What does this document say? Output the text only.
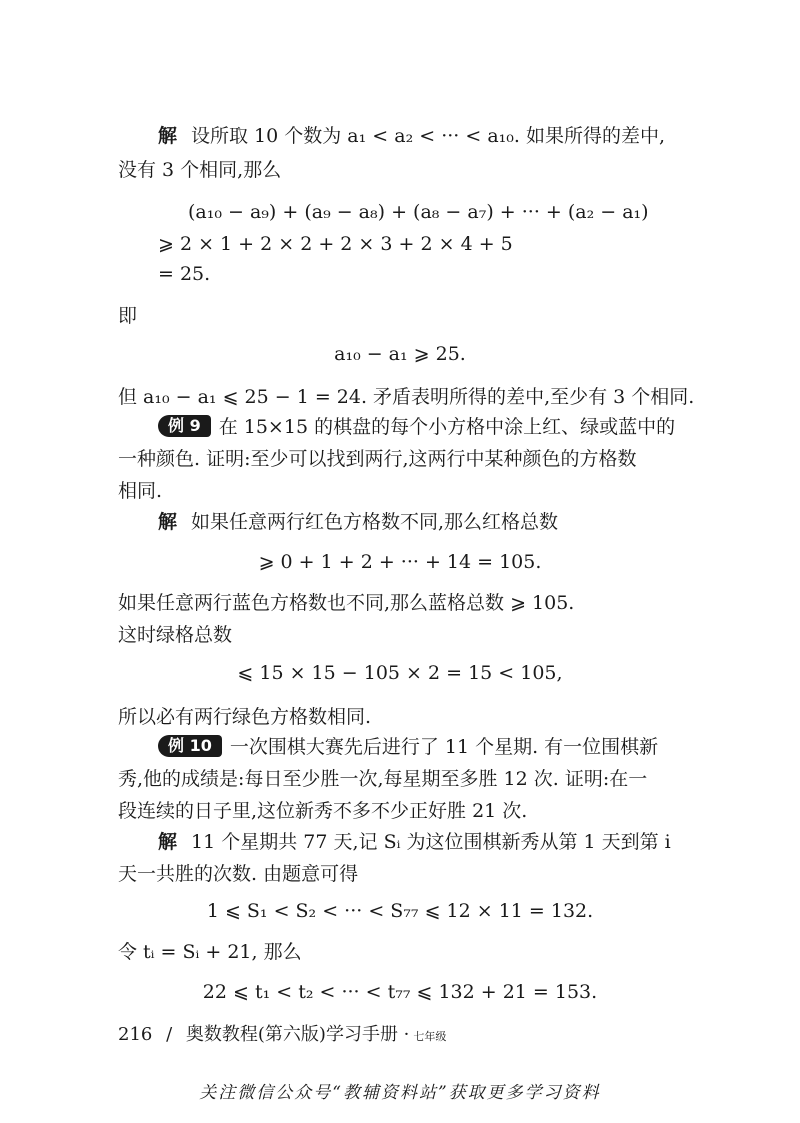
解 设所取 10 个数为 a₁ < a₂ < ··· < a₁₀. 如果所得的差中,
没有 3 个相同,那么
(a₁₀ − a₉) + (a₉ − a₈) + (a₈ − a₇) + ··· + (a₂ − a₁)
⩾ 2 × 1 + 2 × 2 + 2 × 3 + 2 × 4 + 5
= 25.
即
a₁₀ − a₁ ⩾ 25.
但 a₁₀ − a₁ ⩽ 25 − 1 = 24. 矛盾表明所得的差中,至少有 3 个相同.
例 9 在 15×15 的棋盘的每个小方格中涂上红、绿或蓝中的
一种颜色. 证明:至少可以找到两行,这两行中某种颜色的方格数
相同.
解 如果任意两行红色方格数不同,那么红格总数
⩾ 0 + 1 + 2 + ··· + 14 = 105.
如果任意两行蓝色方格数也不同,那么蓝格总数 ⩾ 105.
这时绿格总数
⩽ 15 × 15 − 105 × 2 = 15 < 105,
所以必有两行绿色方格数相同.
例 10 一次围棋大赛先后进行了 11 个星期. 有一位围棋新
秀,他的成绩是:每日至少胜一次,每星期至多胜 12 次. 证明:在一
段连续的日子里,这位新秀不多不少正好胜 21 次.
解 11 个星期共 77 天,记 Sᵢ 为这位围棋新秀从第 1 天到第 i
天一共胜的次数. 由题意可得
1 ⩽ S₁ < S₂ < ··· < S₇₇ ⩽ 12 × 11 = 132.
令 tᵢ = Sᵢ + 21, 那么
22 ⩽ t₁ < t₂ < ··· < t₇₇ ⩽ 132 + 21 = 153.
216 / 奥数教程(第六版)学习手册 · 七年级
关注微信公众号“教辅资料站”获取更多学习资料
